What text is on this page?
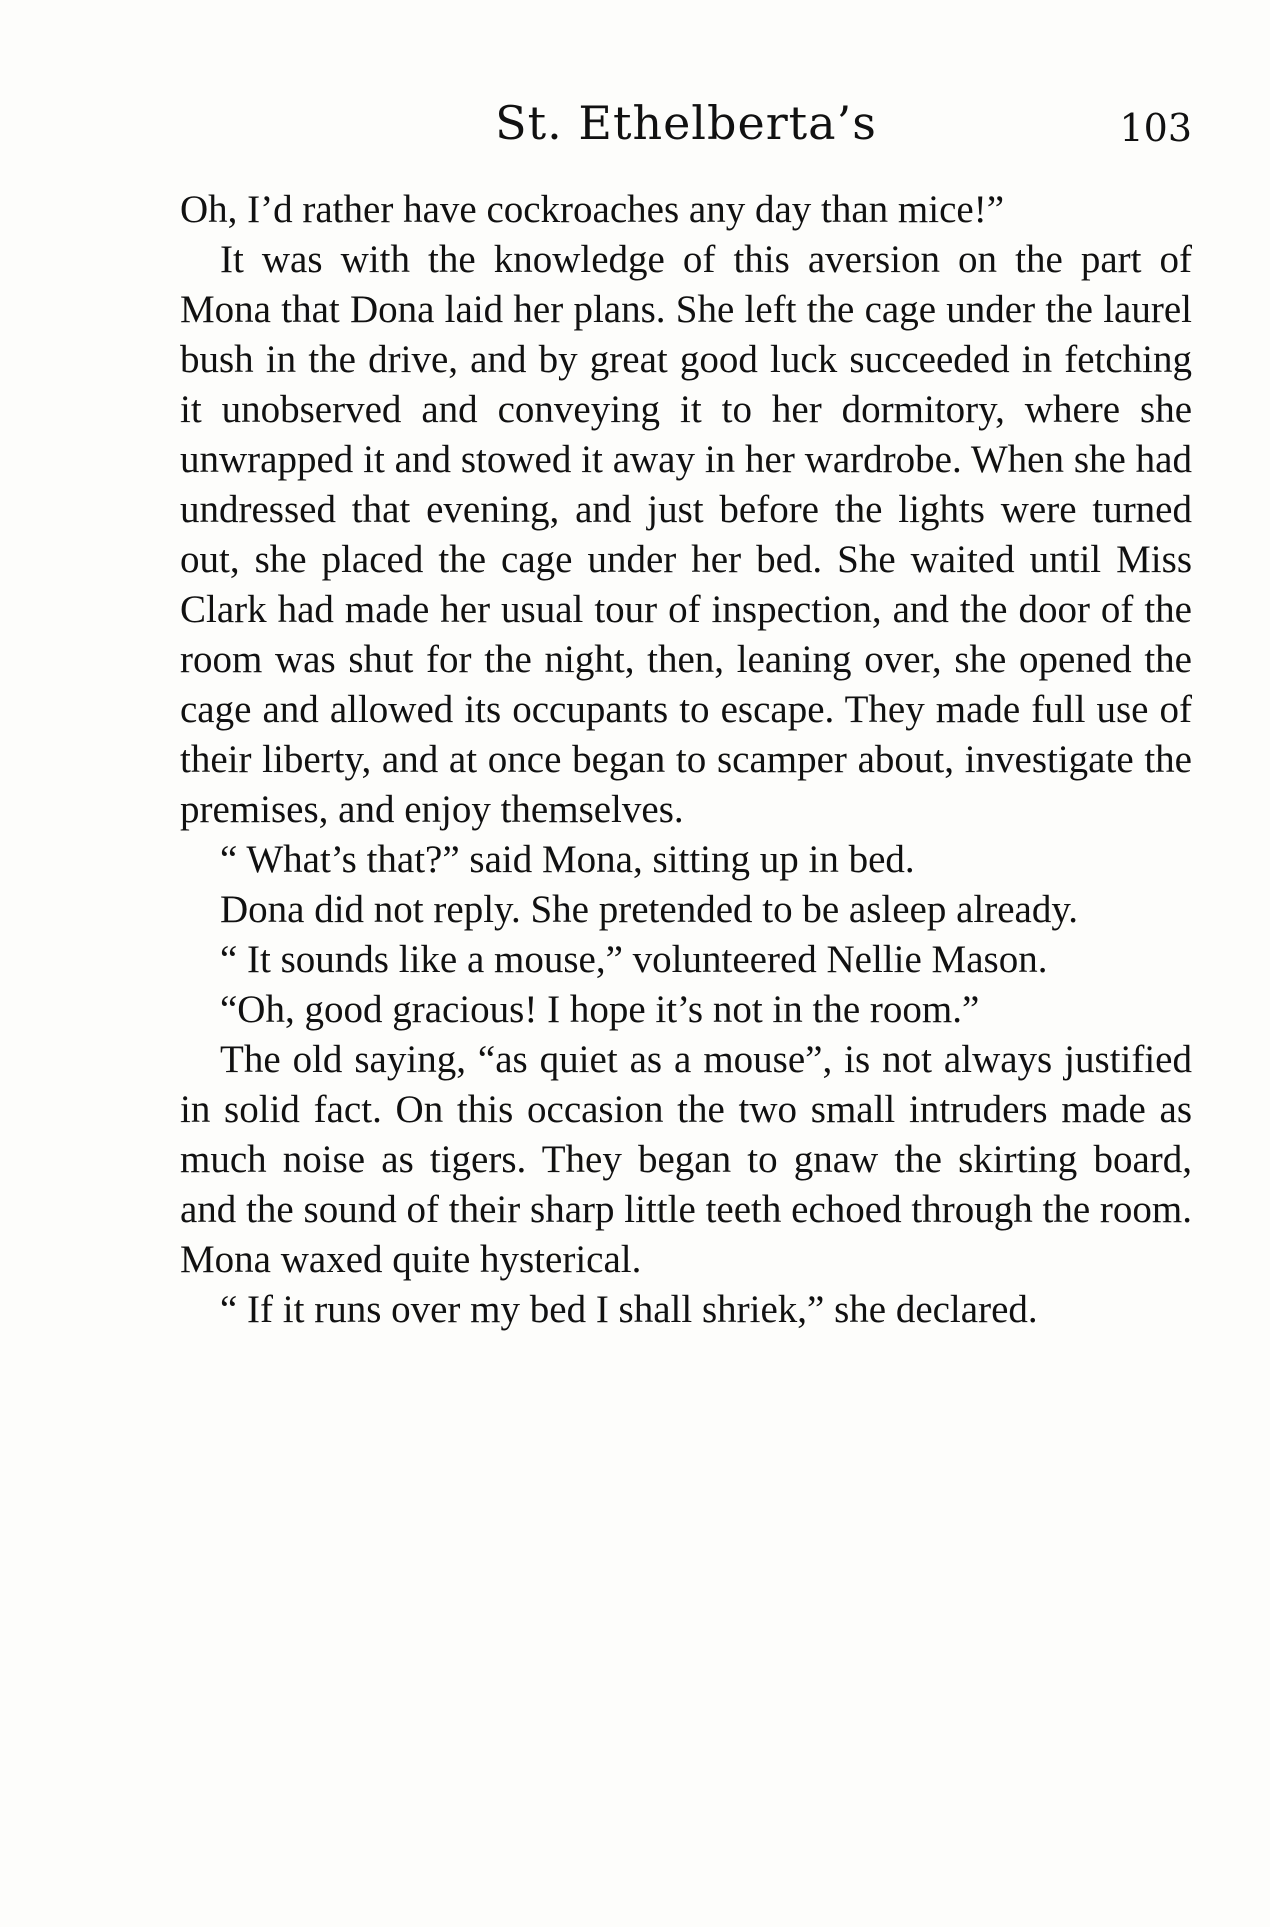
St. Ethelberta’s	103

Oh, I’d rather have cockroaches any day than mice!”

It was with the knowledge of this aversion on the part of Mona that Dona laid her plans. She left the cage under the laurel bush in the drive, and by great good luck succeeded in fetching it unobserved and conveying it to her dormitory, where she unwrapped it and stowed it away in her wardrobe. When she had undressed that evening, and just before the lights were turned out, she placed the cage under her bed. She waited until Miss Clark had made her usual tour of inspection, and the door of the room was shut for the night, then, leaning over, she opened the cage and allowed its occupants to escape. They made full use of their liberty, and at once began to scamper about, investigate the premises, and enjoy themselves.

“ What’s that?” said Mona, sitting up in bed.

Dona did not reply. She pretended to be asleep already.

“ It sounds like a mouse,” volunteered Nellie Mason.

“Oh, good gracious! I hope it’s not in the room.”

The old saying, “as quiet as a mouse”, is not always justified in solid fact. On this occasion the two small intruders made as much noise as tigers. They began to gnaw the skirting board, and the sound of their sharp little teeth echoed through the room. Mona waxed quite hysterical.

“ If it runs over my bed I shall shriek,” she declared.
